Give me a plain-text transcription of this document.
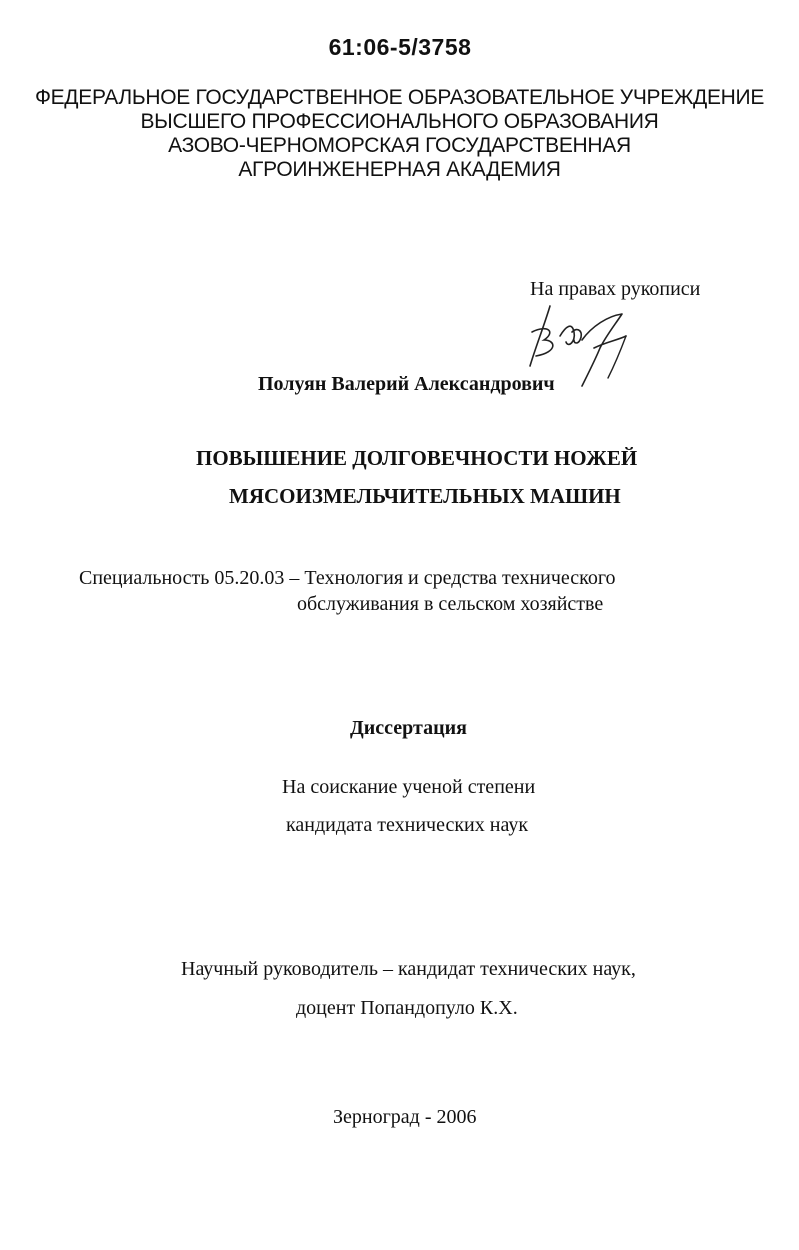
61:06-5/3758
ФЕДЕРАЛЬНОЕ ГОСУДАРСТВЕННОЕ ОБРАЗОВАТЕЛЬНОЕ УЧРЕЖДЕНИЕ
ВЫСШЕГО ПРОФЕССИОНАЛЬНОГО ОБРАЗОВАНИЯ
АЗОВО-ЧЕРНОМОРСКАЯ ГОСУДАРСТВЕННАЯ
АГРОИНЖЕНЕРНАЯ АКАДЕМИЯ
На правах рукописи
Полуян Валерий Александрович
ПОВЫШЕНИЕ ДОЛГОВЕЧНОСТИ НОЖЕЙ
МЯСОИЗМЕЛЬЧИТЕЛЬНЫХ МАШИН
Специальность 05.20.03 – Технология и средства технического
обслуживания в сельском хозяйстве
Диссертация
На соискание ученой степени
кандидата технических наук
Научный руководитель – кандидат технических наук,
доцент Попандопуло К.Х.
Зерноград - 2006
